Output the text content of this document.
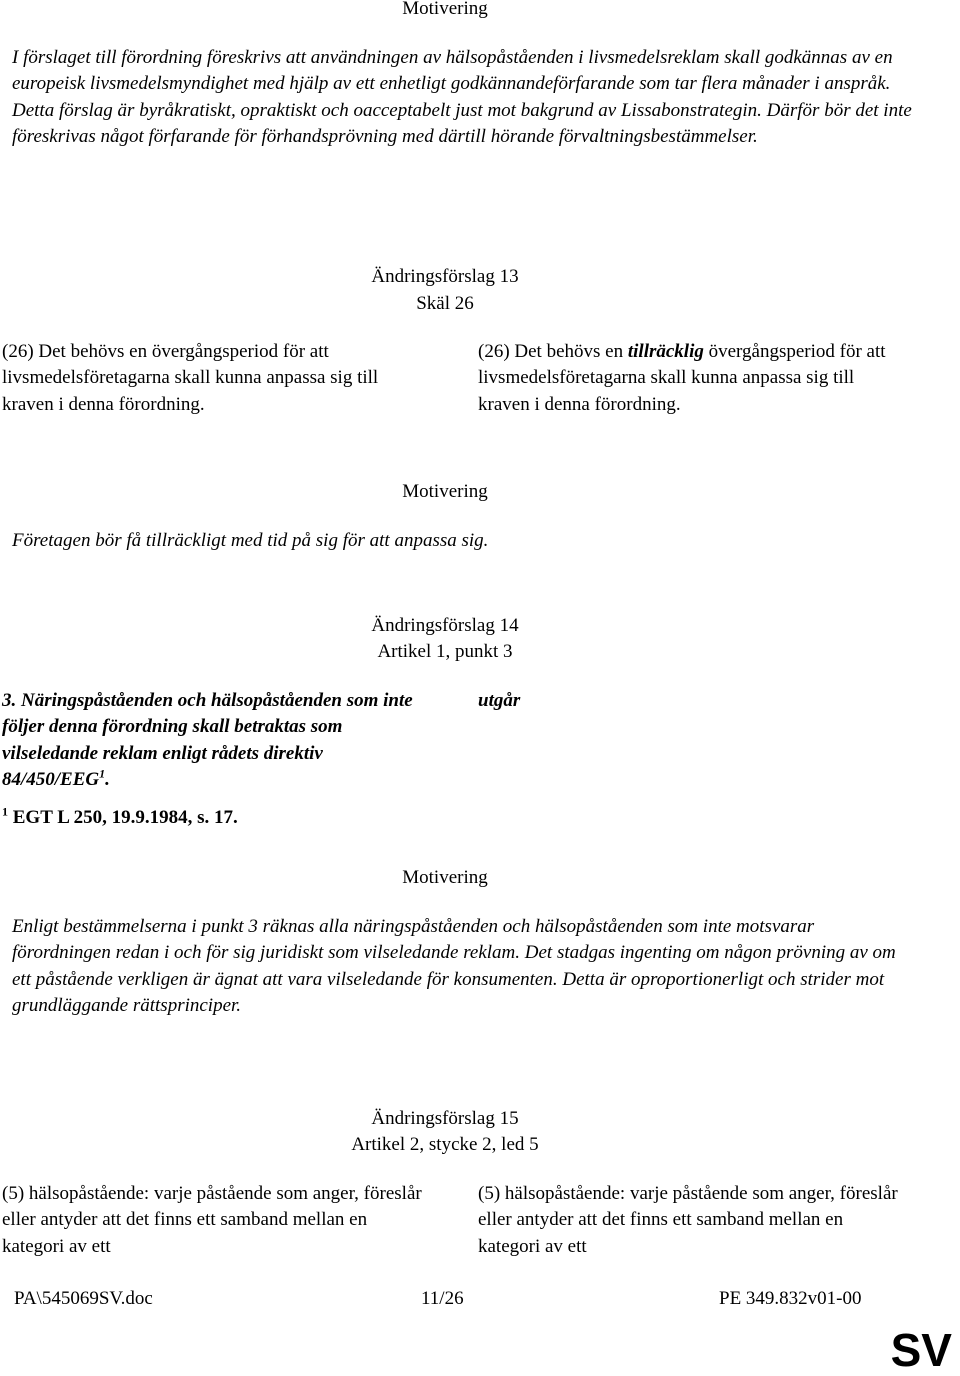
Motivering
I förslaget till förordning föreskrivs att användningen av hälsopåståenden i livsmedelsreklam skall godkännas av en europeisk livsmedelsmyndighet med hjälp av ett enhetligt godkännandeförfarande som tar flera månader i anspråk. Detta förslag är byråkratiskt, opraktiskt och oacceptabelt just mot bakgrund av Lissabonstrategin. Därför bör det inte föreskrivas något förfarande för förhandsprövning med därtill hörande förvaltningsbestämmelser.
Ändringsförslag 13
Skäl 26
(26) Det behövs en övergångsperiod för att livsmedelsföretagarna skall kunna anpassa sig till kraven i denna förordning.
(26) Det behövs en tillräcklig övergångsperiod för att livsmedelsföretagarna skall kunna anpassa sig till kraven i denna förordning.
Motivering
Företagen bör få tillräckligt med tid på sig för att anpassa sig.
Ändringsförslag 14
Artikel 1, punkt 3
3. Näringspåståenden och hälsopåståenden som inte följer denna förordning skall betraktas som vilseledande reklam enligt rådets direktiv 84/450/EEG$^1$.
$^1$ EGT L 250, 19.9.1984, s. 17.
utgår
Motivering
Enligt bestämmelserna i punkt 3 räknas alla näringspåståenden och hälsopåståenden som inte motsvarar förordningen redan i och för sig juridiskt som vilseledande reklam. Det stadgas ingenting om någon prövning av om ett påstående verkligen är ägnat att vara vilseledande för konsumenten. Detta är oproportionerligt och strider mot grundläggande rättsprinciper.
Ändringsförslag 15
Artikel 2, stycke 2, led 5
(5) hälsopåstående: varje påstående som anger, föreslår eller antyder att det finns ett samband mellan en kategori av ett
(5) hälsopåstående: varje påstående som anger, föreslår eller antyder att det finns ett samband mellan en kategori av ett
PA\545069SV.doc	11/26	PE 349.832v01-00
SV
